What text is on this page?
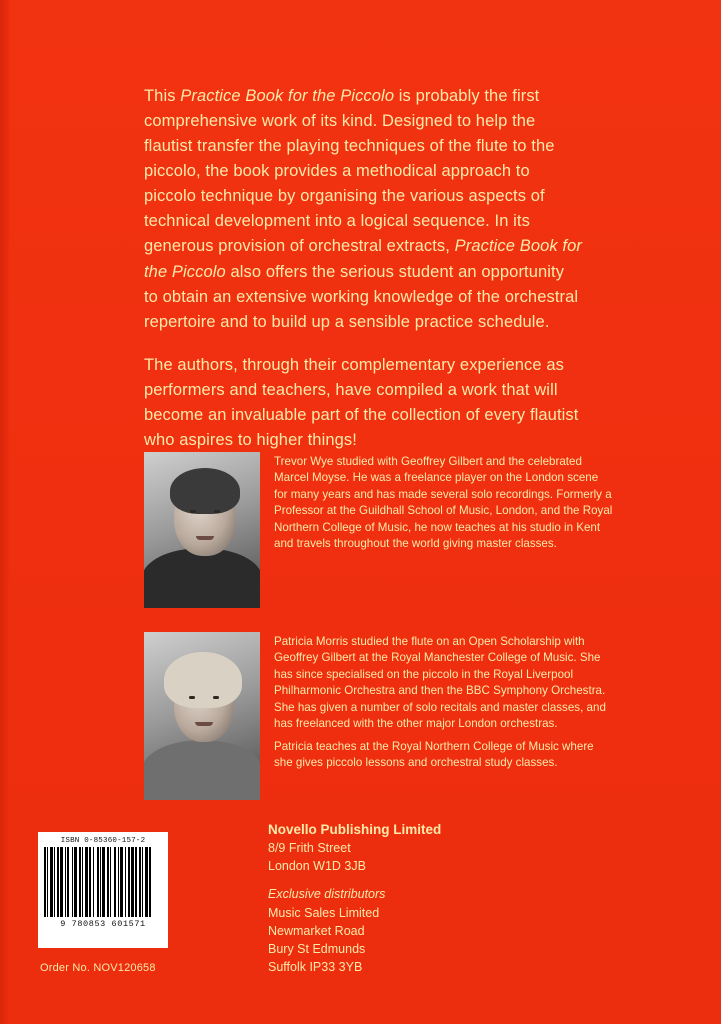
This Practice Book for the Piccolo is probably the first comprehensive work of its kind. Designed to help the flautist transfer the playing techniques of the flute to the piccolo, the book provides a methodical approach to piccolo technique by organising the various aspects of technical development into a logical sequence. In its generous provision of orchestral extracts, Practice Book for the Piccolo also offers the serious student an opportunity to obtain an extensive working knowledge of the orchestral repertoire and to build up a sensible practice schedule.

The authors, through their complementary experience as performers and teachers, have compiled a work that will become an invaluable part of the collection of every flautist who aspires to higher things!

Trevor Wye studied with Geoffrey Gilbert and the celebrated Marcel Moyse. He was a freelance player on the London scene for many years and has made several solo recordings. Formerly a Professor at the Guildhall School of Music, London, and the Royal Northern College of Music, he now teaches at his studio in Kent and travels throughout the world giving master classes.

Patricia Morris studied the flute on an Open Scholarship with Geoffrey Gilbert at the Royal Manchester College of Music. She has since specialised on the piccolo in the Royal Liverpool Philharmonic Orchestra and then the BBC Symphony Orchestra. She has given a number of solo recitals and master classes, and has freelanced with the other major London orchestras.

Patricia teaches at the Royal Northern College of Music where she gives piccolo lessons and orchestral study classes.

ISBN 0-85360-157-2
9 780853 601571
Order No. NOV120658
Novello Publishing Limited
8/9 Frith Street
London W1D 3JB
Exclusive distributors
Music Sales Limited
Newmarket Road
Bury St Edmunds
Suffolk IP33 3YB
